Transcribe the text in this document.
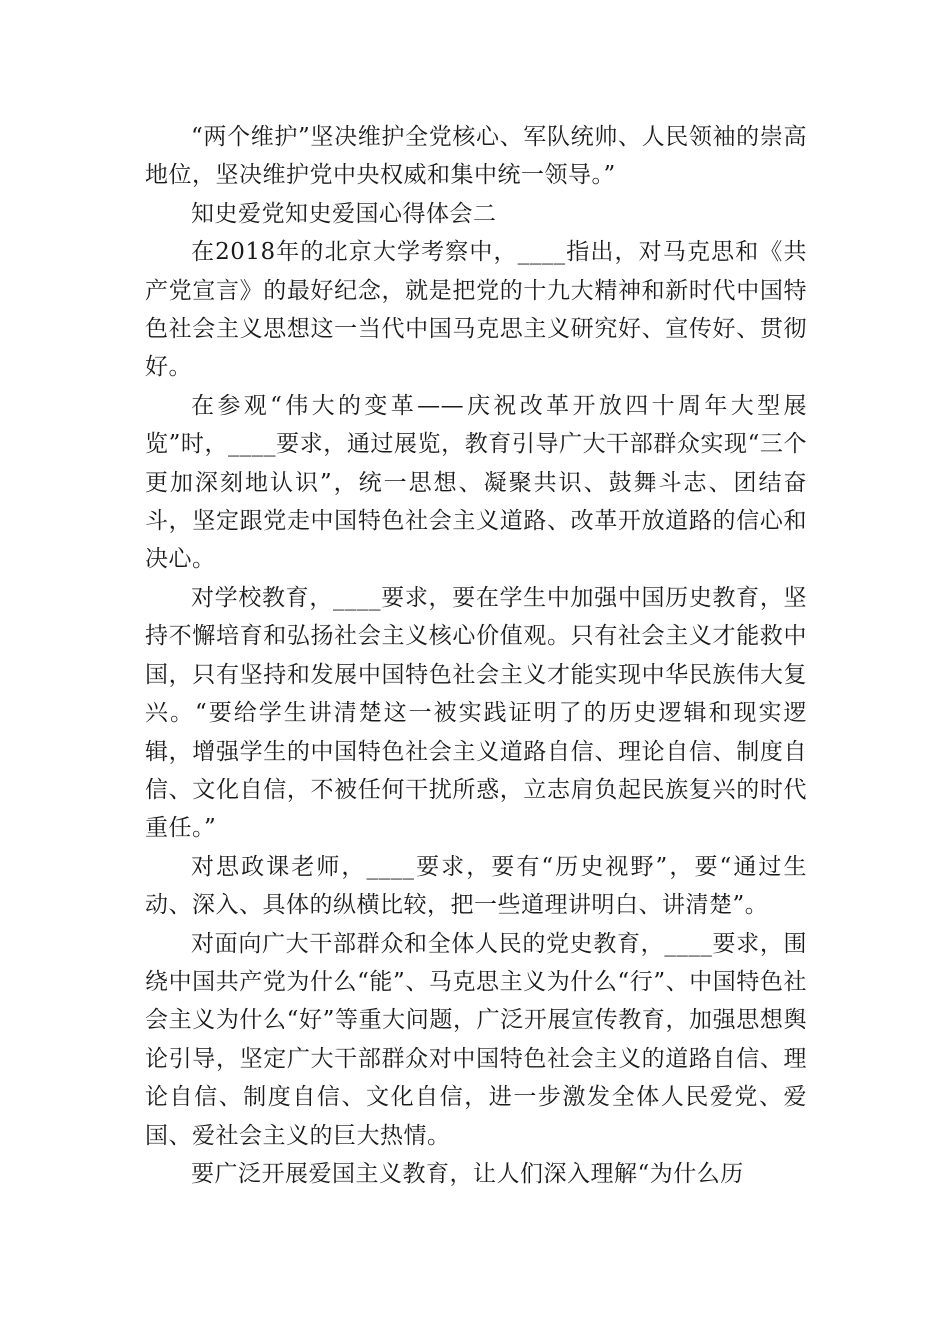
“两个维护”坚决维护全党核心、军队统帅、人民领袖的崇高地位，坚决维护党中央权威和集中统一领导。”

知史爱党知史爱国心得体会二

在2018年的北京大学考察中，____指出，对马克思和《共产党宣言》的最好纪念，就是把党的十九大精神和新时代中国特色社会主义思想这一当代中国马克思主义研究好、宣传好、贯彻好。

在参观“伟大的变革——庆祝改革开放四十周年大型展览”时，____要求，通过展览，教育引导广大干部群众实现“三个更加深刻地认识”，统一思想、凝聚共识、鼓舞斗志、团结奋斗，坚定跟党走中国特色社会主义道路、改革开放道路的信心和决心。

对学校教育，____要求，要在学生中加强中国历史教育，坚持不懈培育和弘扬社会主义核心价值观。只有社会主义才能救中国，只有坚持和发展中国特色社会主义才能实现中华民族伟大复兴。“要给学生讲清楚这一被实践证明了的历史逻辑和现实逻辑，增强学生的中国特色社会主义道路自信、理论自信、制度自信、文化自信，不被任何干扰所惑，立志肩负起民族复兴的时代重任。”

对思政课老师，____要求，要有“历史视野”，要“通过生动、深入、具体的纵横比较，把一些道理讲明白、讲清楚”。

对面向广大干部群众和全体人民的党史教育，____要求，围绕中国共产党为什么“能”、马克思主义为什么“行”、中国特色社会主义为什么“好”等重大问题，广泛开展宣传教育，加强思想舆论引导，坚定广大干部群众对中国特色社会主义的道路自信、理论自信、制度自信、文化自信，进一步激发全体人民爱党、爱国、爱社会主义的巨大热情。

要广泛开展爱国主义教育，让人们深入理解“为什么历
